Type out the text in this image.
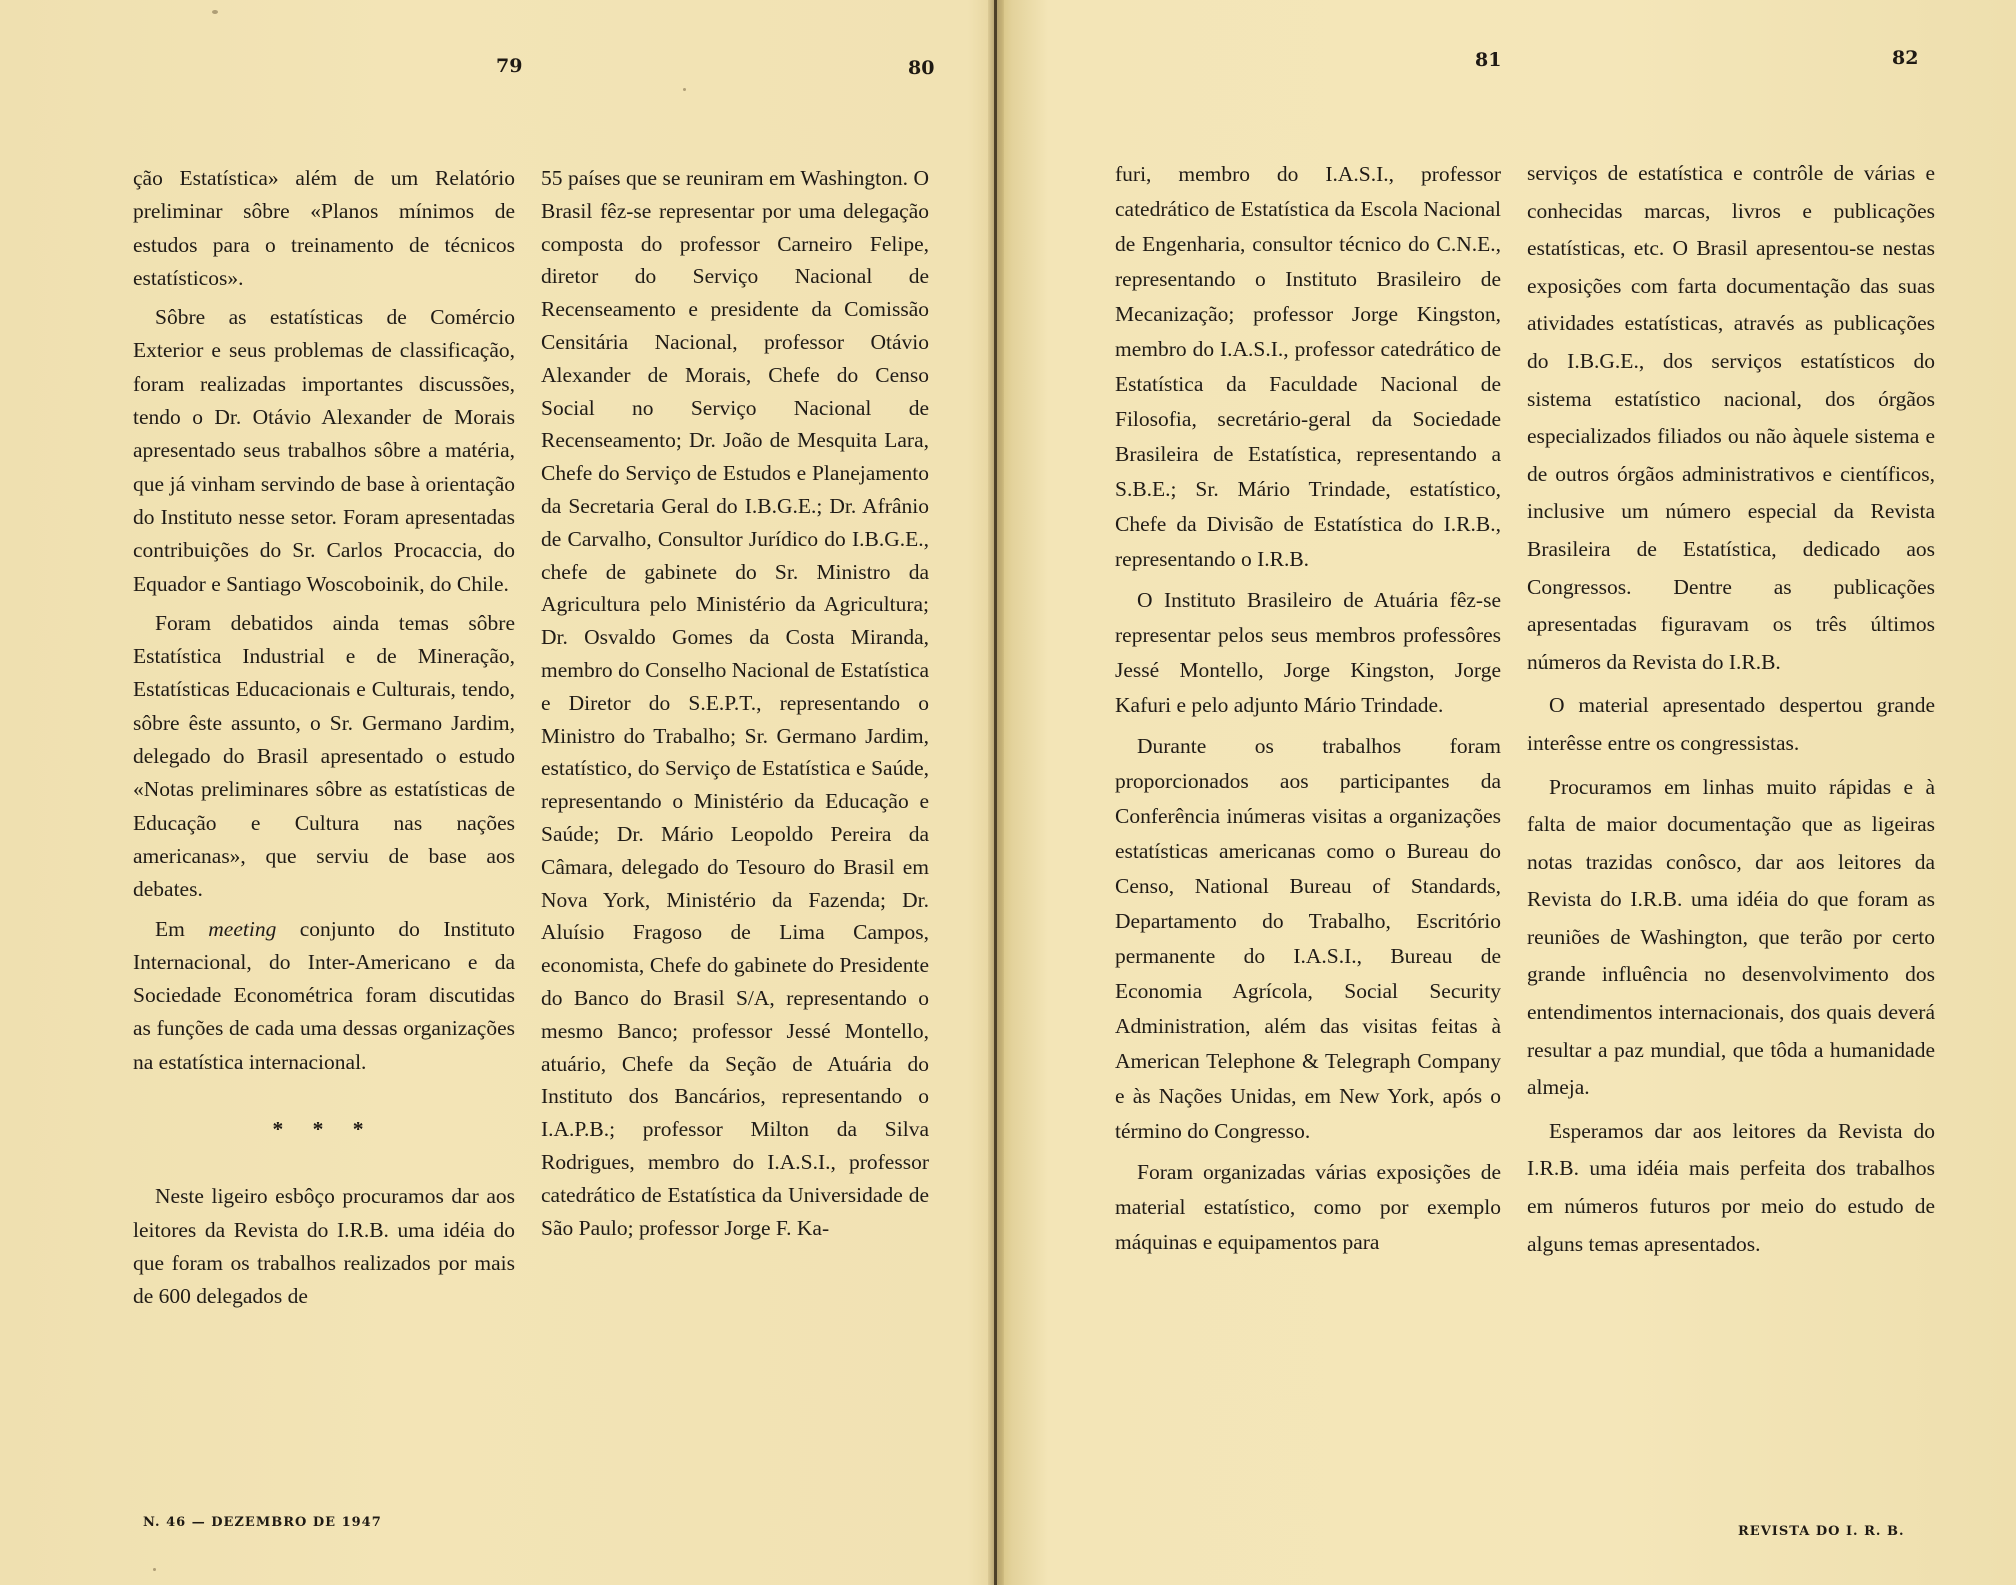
79	80	81	82

ção Estatística» além de um Relatório preliminar sôbre «Planos mínimos de estudos para o treinamento de técnicos estatísticos».

Sôbre as estatísticas de Comércio Exterior e seus problemas de classificação, foram realizadas importantes discussões, tendo o Dr. Otávio Alexander de Morais apresentado seus trabalhos sôbre a matéria, que já vinham servindo de base à orientação do Instituto nesse setor. Foram apresentadas contribuições do Sr. Carlos Procaccia, do Equador e Santiago Woscoboinik, do Chile.

Foram debatidos ainda temas sôbre Estatística Industrial e de Mineração, Estatísticas Educacionais e Culturais, tendo, sôbre êste assunto, o Sr. Germano Jardim, delegado do Brasil apresentado o estudo «Notas preliminares sôbre as estatísticas de Educação e Cultura nas nações americanas», que serviu de base aos debates.

Em meeting conjunto do Instituto Internacional, do Inter-Americano e da Sociedade Econométrica foram discutidas as funções de cada uma dessas organizações na estatística internacional.

* * *

Neste ligeiro esbôço procuramos dar aos leitores da Revista do I.R.B. uma idéia do que foram os trabalhos realizados por mais de 600 delegados de

55 países que se reuniram em Washington. O Brasil fêz-se representar por uma delegação composta do professor Carneiro Felipe, diretor do Serviço Nacional de Recenseamento e presidente da Comissão Censitária Nacional, professor Otávio Alexander de Morais, Chefe do Censo Social no Serviço Nacional de Recenseamento; Dr. João de Mesquita Lara, Chefe do Serviço de Estudos e Planejamento da Secretaria Geral do I.B.G.E.; Dr. Afrânio de Carvalho, Consultor Jurídico do I.B.G.E., chefe de gabinete do Sr. Ministro da Agricultura pelo Ministério da Agricultura; Dr. Osvaldo Gomes da Costa Miranda, membro do Conselho Nacional de Estatística e Diretor do S.E.P.T., representando o Ministro do Trabalho; Sr. Germano Jardim, estatístico, do Serviço de Estatística e Saúde, representando o Ministério da Educação e Saúde; Dr. Mário Leopoldo Pereira da Câmara, delegado do Tesouro do Brasil em Nova York, Ministério da Fazenda; Dr. Aluísio Fragoso de Lima Campos, economista, Chefe do gabinete do Presidente do Banco do Brasil S/A, representando o mesmo Banco; professor Jessé Montello, atuário, Chefe da Seção de Atuária do Instituto dos Bancários, representando o I.A.P.B.; professor Milton da Silva Rodrigues, membro do I.A.S.I., professor catedrático de Estatística da Universidade de São Paulo; professor Jorge F. Ka-

furi, membro do I.A.S.I., professor catedrático de Estatística da Escola Nacional de Engenharia, consultor técnico do C.N.E., representando o Instituto Brasileiro de Mecanização; professor Jorge Kingston, membro do I.A.S.I., professor catedrático de Estatística da Faculdade Nacional de Filosofia, secretário-geral da Sociedade Brasileira de Estatística, representando a S.B.E.; Sr. Mário Trindade, estatístico, Chefe da Divisão de Estatística do I.R.B., representando o I.R.B.

O Instituto Brasileiro de Atuária fêz-se representar pelos seus membros professôres Jessé Montello, Jorge Kingston, Jorge Kafuri e pelo adjunto Mário Trindade.

Durante os trabalhos foram proporcionados aos participantes da Conferência inúmeras visitas a organizações estatísticas americanas como o Bureau do Censo, National Bureau of Standards, Departamento do Trabalho, Escritório permanente do I.A.S.I., Bureau de Economia Agrícola, Social Security Administration, além das visitas feitas à American Telephone & Telegraph Company e às Nações Unidas, em New York, após o término do Congresso.

Foram organizadas várias exposições de material estatístico, como por exemplo máquinas e equipamentos para

serviços de estatística e contrôle de várias e conhecidas marcas, livros e publicações estatísticas, etc. O Brasil apresentou-se nestas exposições com farta documentação das suas atividades estatísticas, através as publicações do I.B.G.E., dos serviços estatísticos do sistema estatístico nacional, dos órgãos especializados filiados ou não àquele sistema e de outros órgãos administrativos e científicos, inclusive um número especial da Revista Brasileira de Estatística, dedicado aos Congressos. Dentre as publicações apresentadas figuravam os três últimos números da Revista do I.R.B.

O material apresentado despertou grande interêsse entre os congressistas.

Procuramos em linhas muito rápidas e à falta de maior documentação que as ligeiras notas trazidas conôsco, dar aos leitores da Revista do I.R.B. uma idéia do que foram as reuniões de Washington, que terão por certo grande influência no desenvolvimento dos entendimentos internacionais, dos quais deverá resultar a paz mundial, que tôda a humanidade almeja.

Esperamos dar aos leitores da Revista do I.R.B. uma idéia mais perfeita dos trabalhos em números futuros por meio do estudo de alguns temas apresentados.

N. 46 — DEZEMBRO DE 1947
REVISTA DO I. R. B.
